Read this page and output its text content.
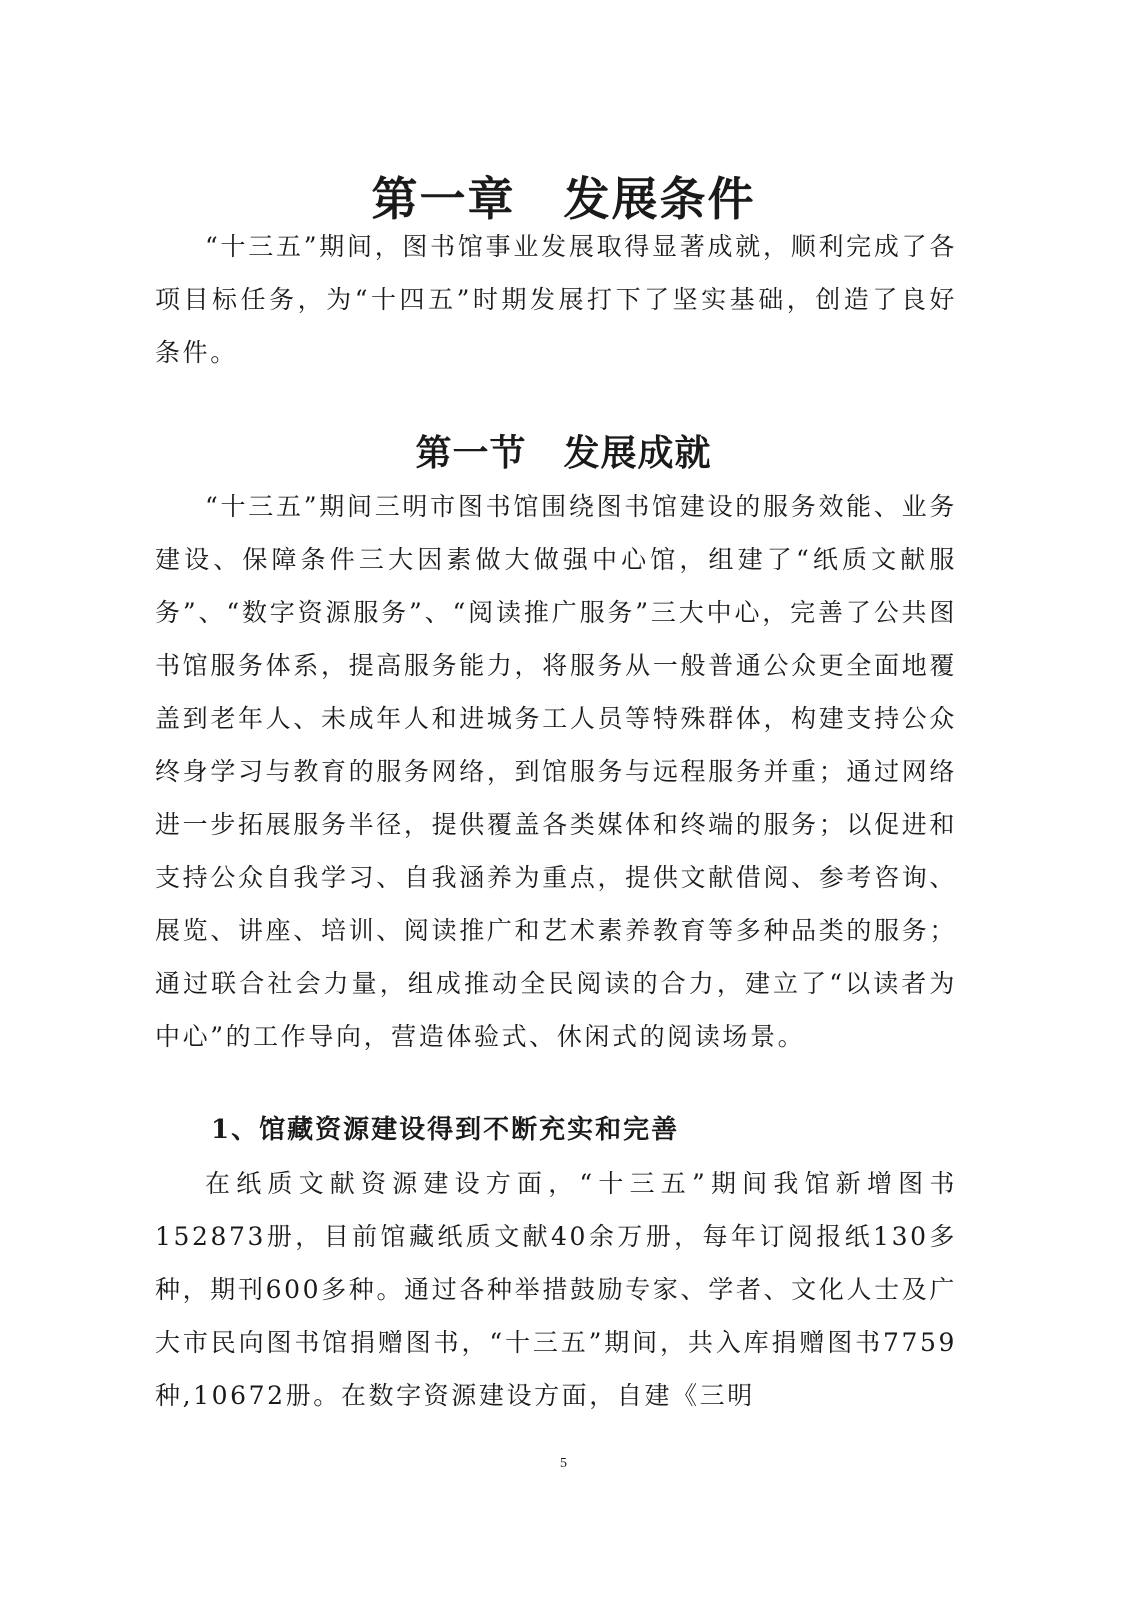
第一章　发展条件

“十三五”期间，图书馆事业发展取得显著成就，顺利完成了各项目标任务，为“十四五”时期发展打下了坚实基础，创造了良好条件。

第一节　发展成就

“十三五”期间三明市图书馆围绕图书馆建设的服务效能、业务建设、保障条件三大因素做大做强中心馆，组建了“纸质文献服务”、“数字资源服务”、“阅读推广服务”三大中心，完善了公共图书馆服务体系，提高服务能力，将服务从一般普通公众更全面地覆盖到老年人、未成年人和进城务工人员等特殊群体，构建支持公众终身学习与教育的服务网络，到馆服务与远程服务并重；通过网络进一步拓展服务半径，提供覆盖各类媒体和终端的服务；以促进和支持公众自我学习、自我涵养为重点，提供文献借阅、参考咨询、展览、讲座、培训、阅读推广和艺术素养教育等多种品类的服务；通过联合社会力量，组成推动全民阅读的合力，建立了“以读者为中心”的工作导向，营造体验式、休闲式的阅读场景。

1、馆藏资源建设得到不断充实和完善

在纸质文献资源建设方面，“十三五”期间我馆新增图书152873册，目前馆藏纸质文献40余万册，每年订阅报纸130多种，期刊600多种。通过各种举措鼓励专家、学者、文化人士及广大市民向图书馆捐赠图书，“十三五”期间，共入库捐赠图书7759种,10672册。在数字资源建设方面，自建《三明

5
